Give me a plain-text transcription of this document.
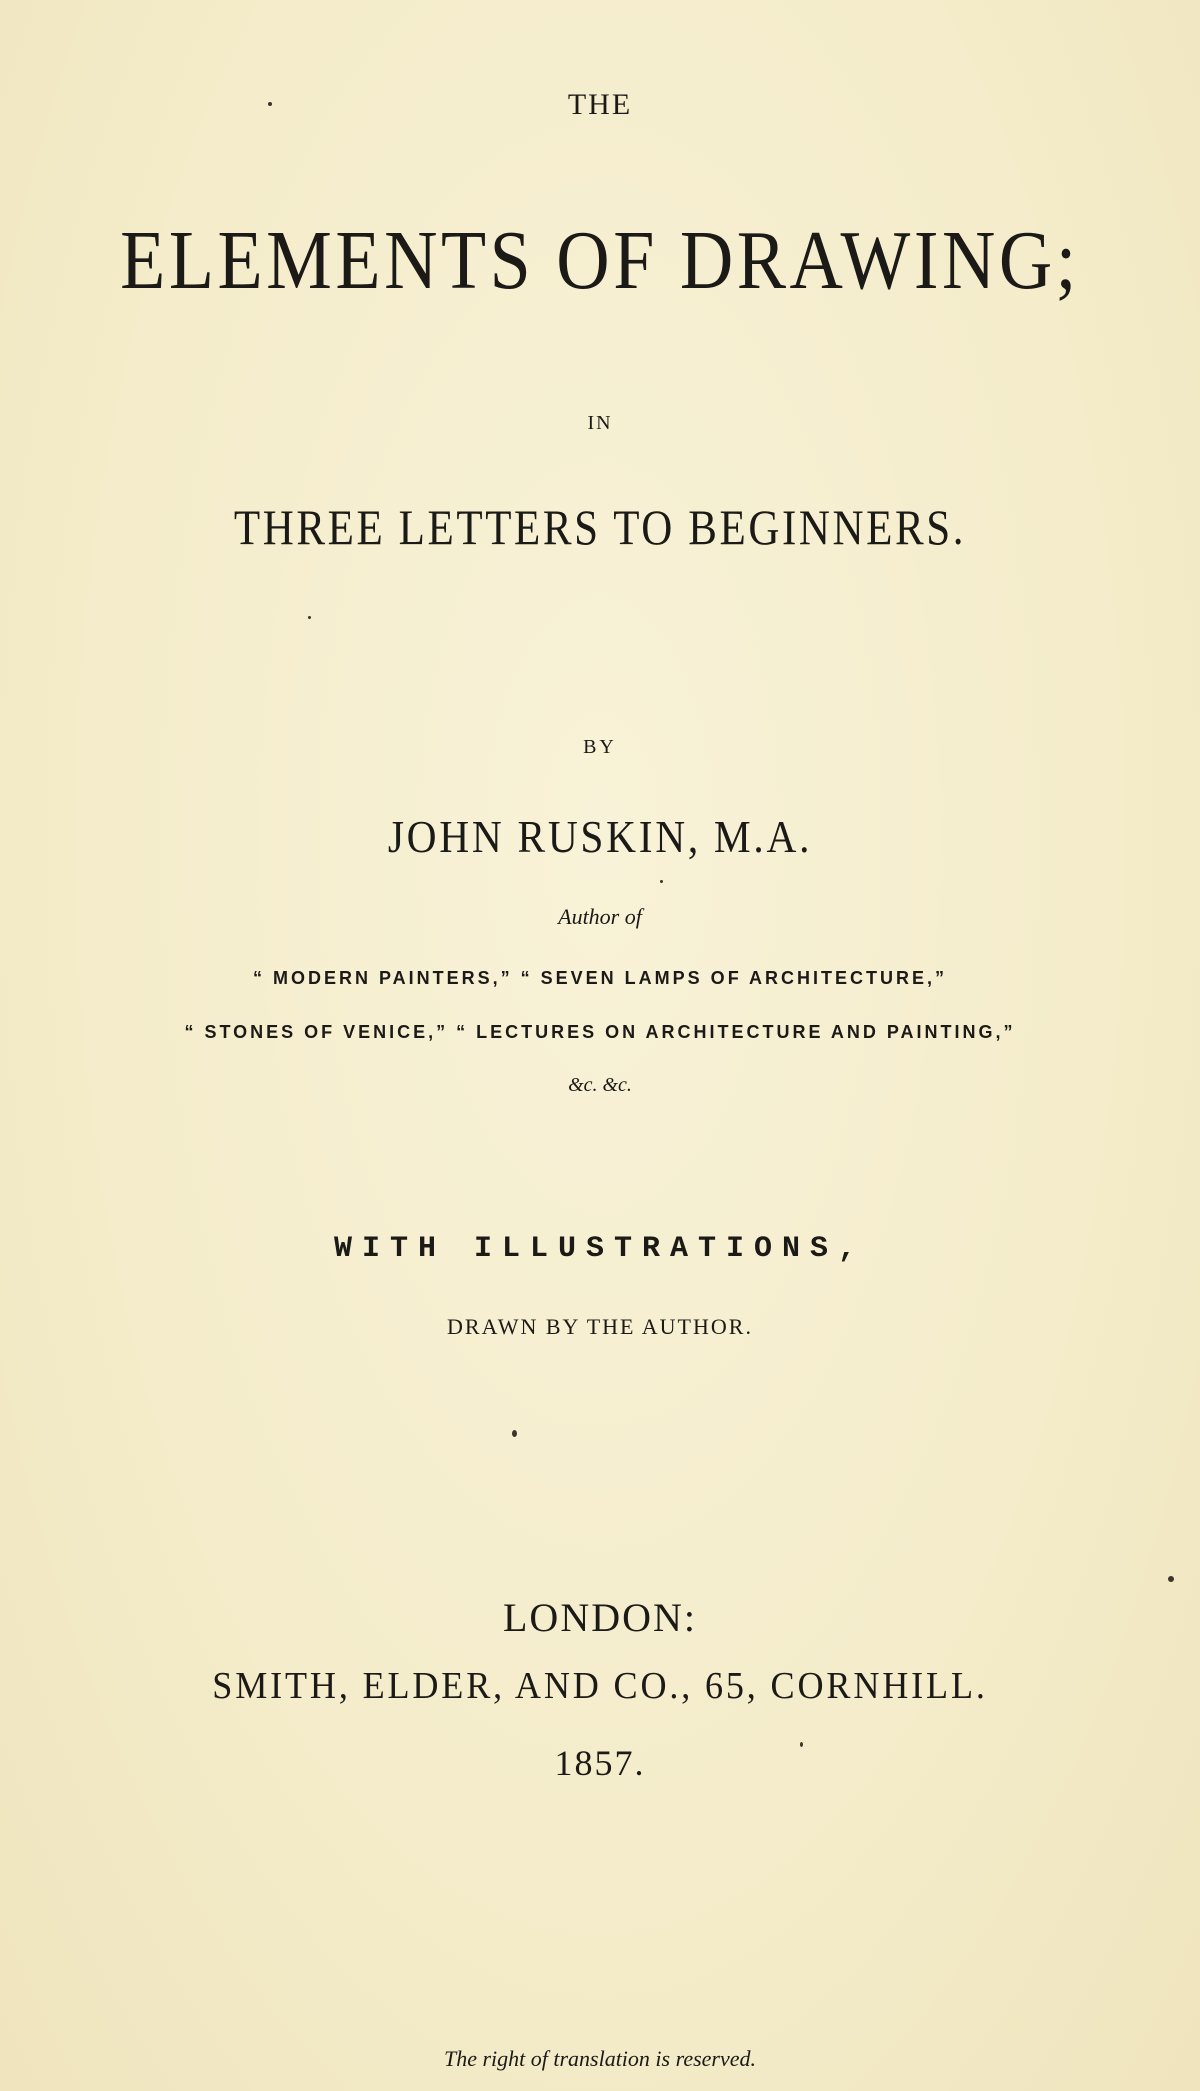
THE
ELEMENTS OF DRAWING;
IN
THREE LETTERS TO BEGINNERS.
BY
JOHN RUSKIN, M.A.
Author of
“ MODERN PAINTERS,” “ SEVEN LAMPS OF ARCHITECTURE,”
“ STONES OF VENICE,” “ LECTURES ON ARCHITECTURE AND PAINTING,”
&c. &c.
WITH ILLUSTRATIONS,
DRAWN BY THE AUTHOR.
LONDON:
SMITH, ELDER, AND CO., 65, CORNHILL.
1857.
The right of translation is reserved.
